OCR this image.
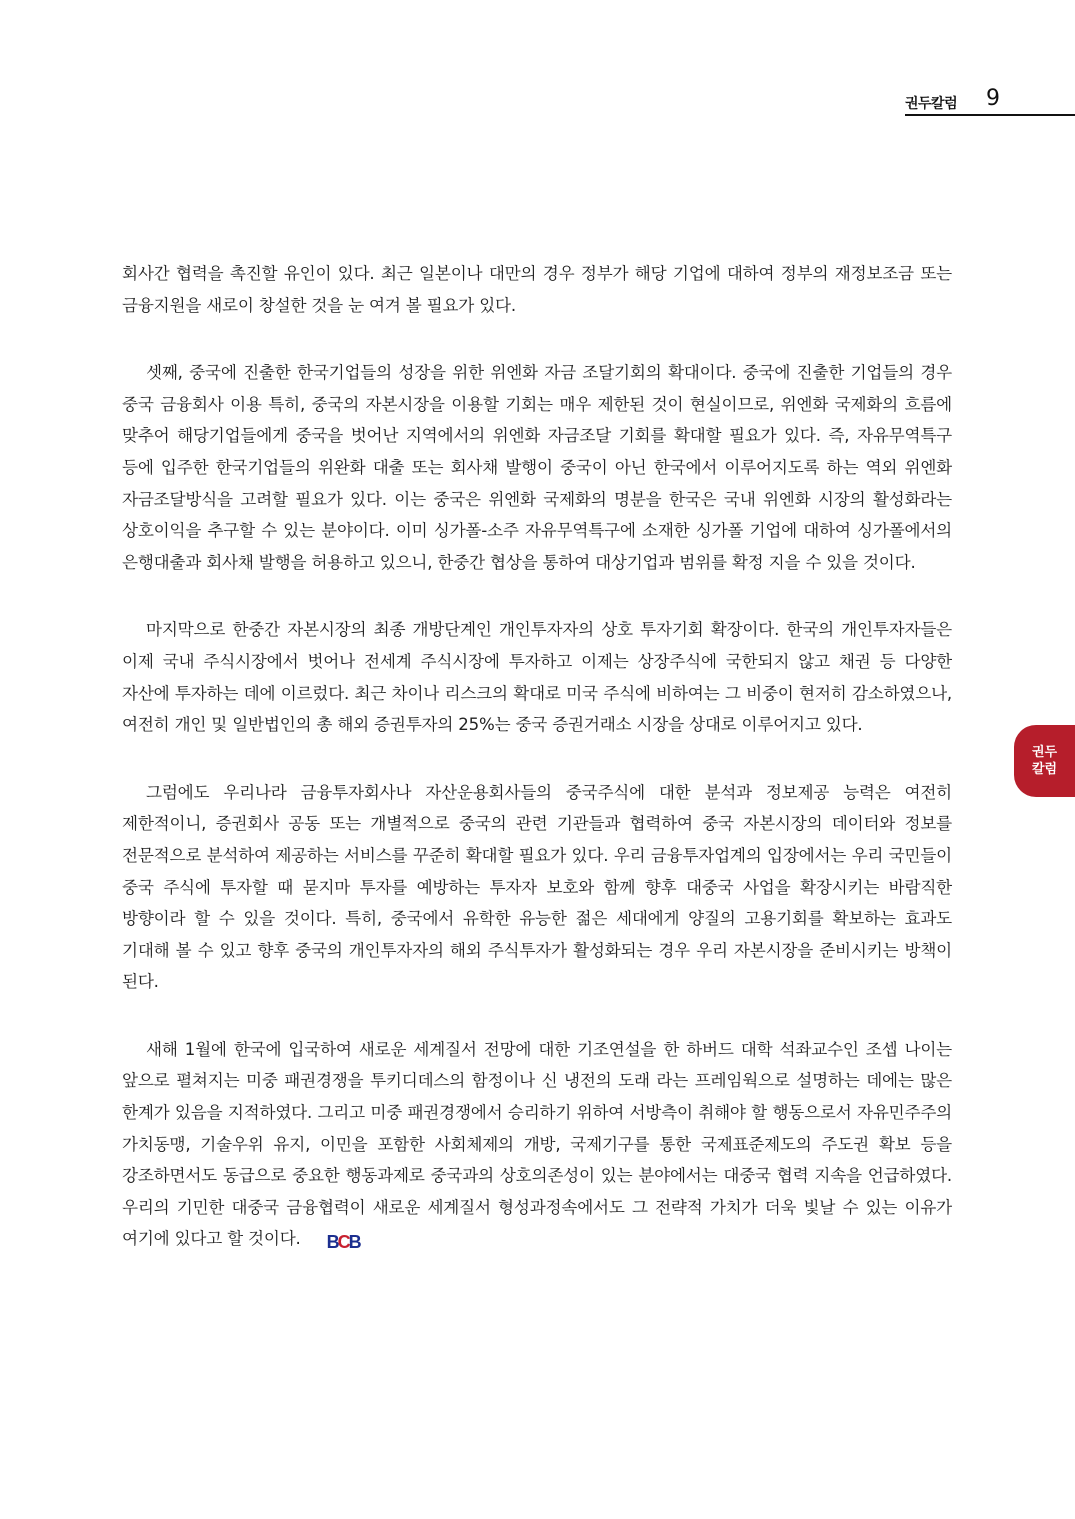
권두칼럼 9
권두
칼럼

회사간 협력을 촉진할 유인이 있다. 최근 일본이나 대만의 경우 정부가 해당 기업에 대하여 정부의 재정보조금 또는 금융지원을 새로이 창설한 것을 눈 여겨 볼 필요가 있다.

셋째, 중국에 진출한 한국기업들의 성장을 위한 위엔화 자금 조달기회의 확대이다. 중국에 진출한 기업들의 경우 중국 금융회사 이용 특히, 중국의 자본시장을 이용할 기회는 매우 제한된 것이 현실이므로, 위엔화 국제화의 흐름에 맞추어 해당기업들에게 중국을 벗어난 지역에서의 위엔화 자금조달 기회를 확대할 필요가 있다. 즉, 자유무역특구 등에 입주한 한국기업들의 위완화 대출 또는 회사채 발행이 중국이 아닌 한국에서 이루어지도록 하는 역외 위엔화 자금조달방식을 고려할 필요가 있다. 이는 중국은 위엔화 국제화의 명분을 한국은 국내 위엔화 시장의 활성화라는 상호이익을 추구할 수 있는 분야이다. 이미 싱가폴-소주 자유무역특구에 소재한 싱가폴 기업에 대하여 싱가폴에서의 은행대출과 회사채 발행을 허용하고 있으니, 한중간 협상을 통하여 대상기업과 범위를 확정 지을 수 있을 것이다.

마지막으로 한중간 자본시장의 최종 개방단계인 개인투자자의 상호 투자기회 확장이다. 한국의 개인투자자들은 이제 국내 주식시장에서 벗어나 전세계 주식시장에 투자하고 이제는 상장주식에 국한되지 않고 채권 등 다양한 자산에 투자하는 데에 이르렀다. 최근 차이나 리스크의 확대로 미국 주식에 비하여는 그 비중이 현저히 감소하였으나, 여전히 개인 및 일반법인의 총 해외 증권투자의 25%는 중국 증권거래소 시장을 상대로 이루어지고 있다.

그럼에도 우리나라 금융투자회사나 자산운용회사들의 중국주식에 대한 분석과 정보제공 능력은 여전히 제한적이니, 증권회사 공동 또는 개별적으로 중국의 관련 기관들과 협력하여 중국 자본시장의 데이터와 정보를 전문적으로 분석하여 제공하는 서비스를 꾸준히 확대할 필요가 있다. 우리 금융투자업계의 입장에서는 우리 국민들이 중국 주식에 투자할 때 묻지마 투자를 예방하는 투자자 보호와 함께 향후 대중국 사업을 확장시키는 바람직한 방향이라 할 수 있을 것이다. 특히, 중국에서 유학한 유능한 젊은 세대에게 양질의 고용기회를 확보하는 효과도 기대해 볼 수 있고 향후 중국의 개인투자자의 해외 주식투자가 활성화되는 경우 우리 자본시장을 준비시키는 방책이 된다.

새해 1월에 한국에 입국하여 새로운 세계질서 전망에 대한 기조연설을 한 하버드 대학 석좌교수인 조셉 나이는 앞으로 펼쳐지는 미중 패권경쟁을 투키디데스의 함정이나 신 냉전의 도래 라는 프레임웍으로 설명하는 데에는 많은 한계가 있음을 지적하였다. 그리고 미중 패권경쟁에서 승리하기 위하여 서방측이 취해야 할 행동으로서 자유민주주의 가치동맹, 기술우위 유지, 이민을 포함한 사회체제의 개방, 국제기구를 통한 국제표준제도의 주도권 확보 등을 강조하면서도 동급으로 중요한 행동과제로 중국과의 상호의존성이 있는 분야에서는 대중국 협력 지속을 언급하였다. 우리의 기민한 대중국 금융협력이 새로운 세계질서 형성과정속에서도 그 전략적 가치가 더욱 빛날 수 있는 이유가 여기에 있다고 할 것이다. BCB
